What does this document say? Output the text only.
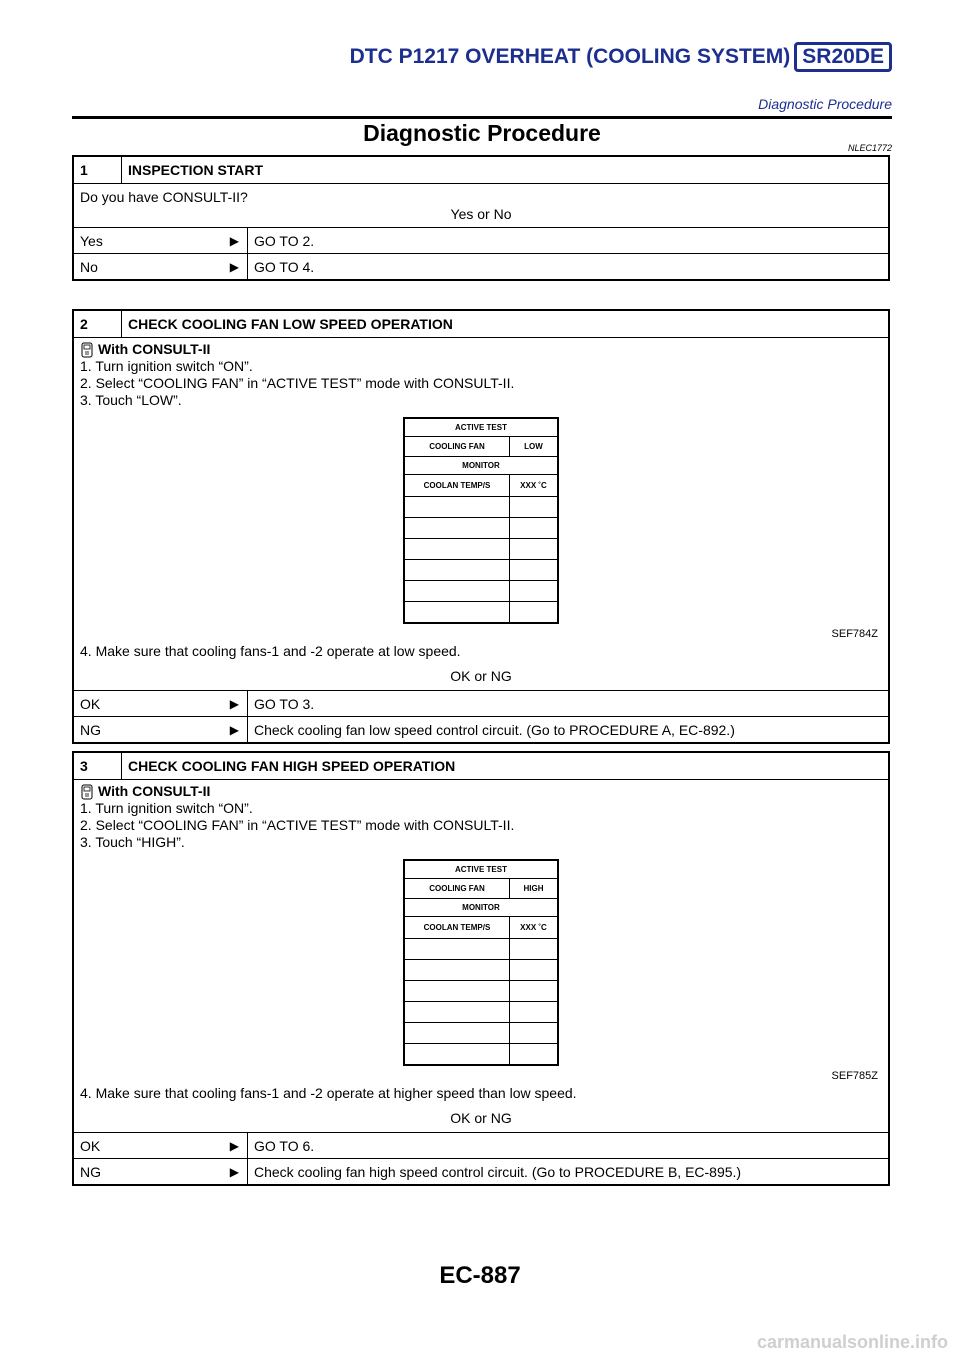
DTC P1217 OVERHEAT (COOLING SYSTEM) SR20DE
Diagnostic Procedure
Diagnostic Procedure
NLEC1772
1	INSPECTION START

Do you have CONSULT-II?

Yes or No

Yes	▶	GO TO 2.
No	▶	GO TO 4.
2	CHECK COOLING FAN LOW SPEED OPERATION
With CONSULT-II

1. Turn ignition switch “ON”.

2. Select “COOLING FAN” in “ACTIVE TEST” mode with CONSULT-II.

3. Touch “LOW”.

ACTIVE TEST
COOLING FAN	LOW
MONITOR
COOLAN TEMP/S	XXX ˚C
SEF784Z

4. Make sure that cooling fans-1 and -2 operate at low speed.

OK or NG

OK	▶	GO TO 3.
NG	▶	Check cooling fan low speed control circuit. (Go to PROCEDURE A, EC-892.)
3	CHECK COOLING FAN HIGH SPEED OPERATION
With CONSULT-II

1. Turn ignition switch “ON”.

2. Select “COOLING FAN” in “ACTIVE TEST” mode with CONSULT-II.

3. Touch “HIGH”.

ACTIVE TEST
COOLING FAN	HIGH
MONITOR
COOLAN TEMP/S	XXX ˚C
SEF785Z

4. Make sure that cooling fans-1 and -2 operate at higher speed than low speed.

OK or NG

OK	▶	GO TO 6.
NG	▶	Check cooling fan high speed control circuit. (Go to PROCEDURE B, EC-895.)
EC-887
carmanualsonline.info
